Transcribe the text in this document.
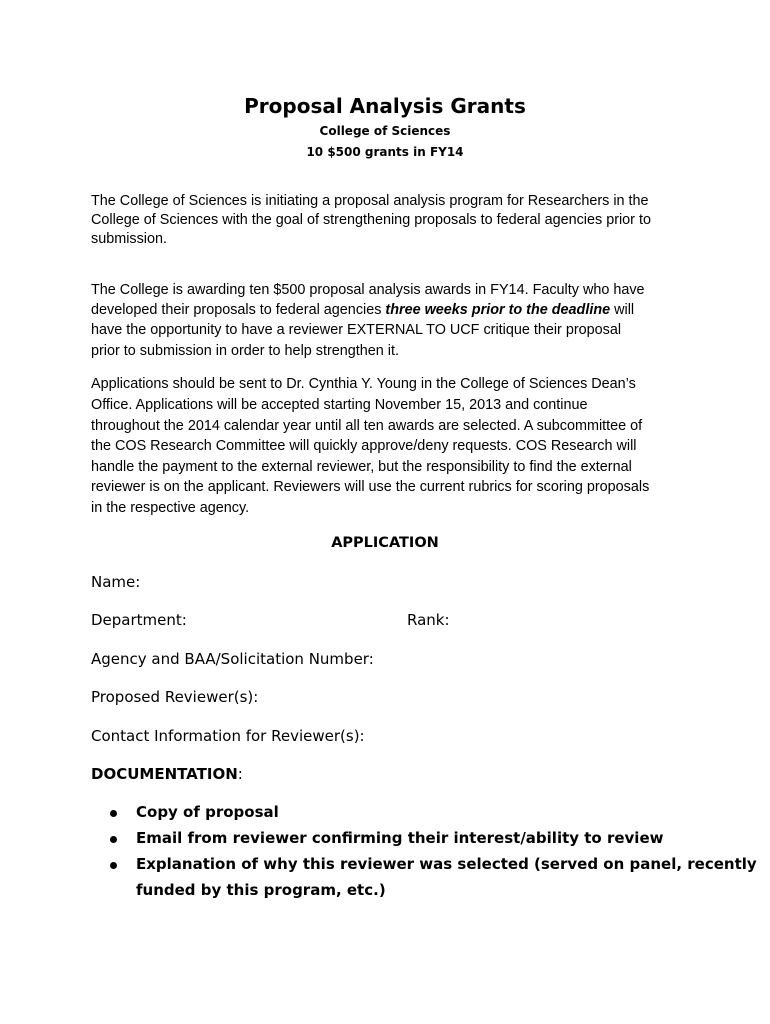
Proposal Analysis Grants
College of Sciences
10 $500 grants in FY14
The College of Sciences is initiating a proposal analysis program for Researchers in the
College of Sciences with the goal of strengthening proposals to federal agencies prior to
submission.
The College is awarding ten $500 proposal analysis awards in FY14. Faculty who have
developed their proposals to federal agencies three weeks prior to the deadline will
have the opportunity to have a reviewer EXTERNAL TO UCF critique their proposal
prior to submission in order to help strengthen it.
Applications should be sent to Dr. Cynthia Y. Young in the College of Sciences Dean’s
Office. Applications will be accepted starting November 15, 2013 and continue
throughout the 2014 calendar year until all ten awards are selected. A subcommittee of
the COS Research Committee will quickly approve/deny requests. COS Research will
handle the payment to the external reviewer, but the responsibility to find the external
reviewer is on the applicant. Reviewers will use the current rubrics for scoring proposals
in the respective agency.
APPLICATION
Name:
Department:	Rank:
Agency and BAA/Solicitation Number:
Proposed Reviewer(s):
Contact Information for Reviewer(s):
DOCUMENTATION:
Copy of proposal
Email from reviewer confirming their interest/ability to review
Explanation of why this reviewer was selected (served on panel, recently
funded by this program, etc.)
